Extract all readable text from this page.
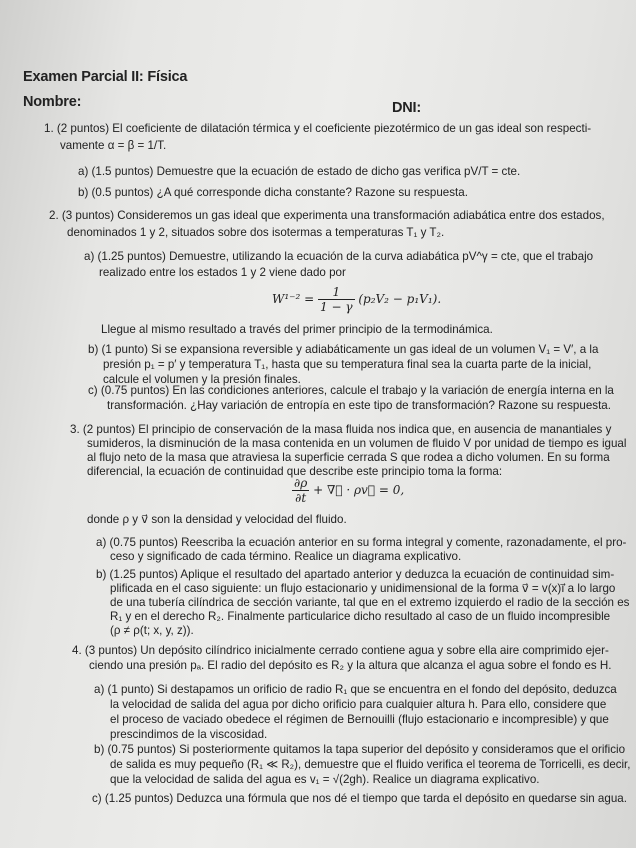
Examen Parcial II: Física
Nombre:	DNI:
1. (2 puntos) El coeficiente de dilatación térmica y el coeficiente piezotérmico de un gas ideal son respecti-
vamente α = β = 1/T.
a) (1.5 puntos) Demuestre que la ecuación de estado de dicho gas verifica pV/T = cte.
b) (0.5 puntos) ¿A qué corresponde dicha constante? Razone su respuesta.
2. (3 puntos) Consideremos un gas ideal que experimenta una transformación adiabática entre dos estados,
denominados 1 y 2, situados sobre dos isotermas a temperaturas T₁ y T₂.
a) (1.25 puntos) Demuestre, utilizando la ecuación de la curva adiabática pV^γ = cte, que el trabajo
realizado entre los estados 1 y 2 viene dado por
$W^{1-2} = \frac{1}{1 - \gamma} (p_2V_2 - p_1V_1)$.
Llegue al mismo resultado a través del primer principio de la termodinámica.
b) (1 punto) Si se expansiona reversible y adiabáticamente un gas ideal de un volumen V₁ = V′, a la
presión p₁ = p′ y temperatura T₁, hasta que su temperatura final sea la cuarta parte de la inicial,
calcule el volumen y la presión finales.
c) (0.75 puntos) En las condiciones anteriores, calcule el trabajo y la variación de energía interna en la
transformación. ¿Hay variación de entropía en este tipo de transformación? Razone su respuesta.
3. (2 puntos) El principio de conservación de la masa fluida nos indica que, en ausencia de manantiales y
sumideros, la disminución de la masa contenida en un volumen de fluido V por unidad de tiempo es igual
al flujo neto de la masa que atraviesa la superficie cerrada S que rodea a dicho volumen. En su forma
diferencial, la ecuación de continuidad que describe este principio toma la forma:
$\frac{\partial\rho}{\partial t}$ + ∇⃗ · ρv⃗ = 0,
donde ρ y v⃗ son la densidad y velocidad del fluido.
a) (0.75 puntos) Reescriba la ecuación anterior en su forma integral y comente, razonadamente, el pro-
ceso y significado de cada término. Realice un diagrama explicativo.
b) (1.25 puntos) Aplique el resultado del apartado anterior y deduzca la ecuación de continuidad sim-
plificada en el caso siguiente: un flujo estacionario y unidimensional de la forma v⃗ = v(x)i⃗ a lo largo
de una tubería cilíndrica de sección variante, tal que en el extremo izquierdo el radio de la sección es
R₁ y en el derecho R₂. Finalmente particularice dicho resultado al caso de un fluido incompresible
(ρ ≠ ρ(t; x, y, z)).
4. (3 puntos) Un depósito cilíndrico inicialmente cerrado contiene agua y sobre ella aire comprimido ejer-
ciendo una presión pₐ. El radio del depósito es R₂ y la altura que alcanza el agua sobre el fondo es H.
a) (1 punto) Si destapamos un orificio de radio R₁ que se encuentra en el fondo del depósito, deduzca
la velocidad de salida del agua por dicho orificio para cualquier altura h. Para ello, considere que
el proceso de vaciado obedece el régimen de Bernouilli (flujo estacionario e incompresible) y que
prescindimos de la viscosidad.
b) (0.75 puntos) Si posteriormente quitamos la tapa superior del depósito y consideramos que el orificio
de salida es muy pequeño (R₁ ≪ R₂), demuestre que el fluido verifica el teorema de Torricelli, es decir,
que la velocidad de salida del agua es v₁ = √(2gh). Realice un diagrama explicativo.
c) (1.25 puntos) Deduzca una fórmula que nos dé el tiempo que tarda el depósito en quedarse sin agua.
